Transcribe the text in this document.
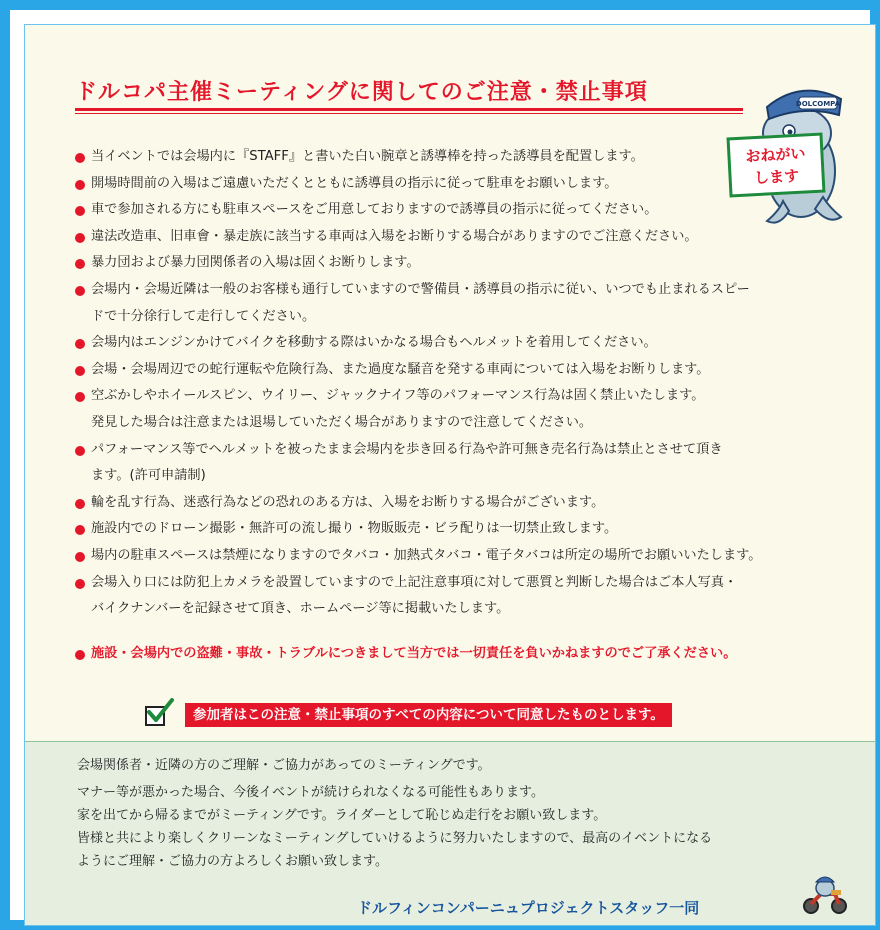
ドルコパ主催ミーティングに関してのご注意・禁止事項	DOLCOMPA
おねがい
します
当イベントでは会場内に『STAFF』と書いた白い腕章と誘導棒を持った誘導員を配置します。
開場時間前の入場はご遠慮いただくとともに誘導員の指示に従って駐車をお願いします。
車で参加される方にも駐車スペースをご用意しておりますので誘導員の指示に従ってください。
違法改造車、旧車會・暴走族に該当する車両は入場をお断りする場合がありますのでご注意ください。
暴力団および暴力団関係者の入場は固くお断りします。
会場内・会場近隣は一般のお客様も通行していますので警備員・誘導員の指示に従い、いつでも止まれるスピー
ドで十分徐行して走行してください。
会場内はエンジンかけてバイクを移動する際はいかなる場合もヘルメットを着用してください。
会場・会場周辺での蛇行運転や危険行為、また過度な騒音を発する車両については入場をお断りします。
空ぶかしやホイールスピン、ウイリー、ジャックナイフ等のパフォーマンス行為は固く禁止いたします。
発見した場合は注意または退場していただく場合がありますので注意してください。
パフォーマンス等でヘルメットを被ったまま会場内を歩き回る行為や許可無き売名行為は禁止とさせて頂き
ます。(許可申請制)
輪を乱す行為、迷惑行為などの恐れのある方は、入場をお断りする場合がございます。
施設内でのドローン撮影・無許可の流し撮り・物販販売・ビラ配りは一切禁止致します。
場内の駐車スペースは禁煙になりますのでタバコ・加熱式タバコ・電子タバコは所定の場所でお願いいたします。
会場入り口には防犯上カメラを設置していますので上記注意事項に対して悪質と判断した場合はご本人写真・
バイクナンバーを記録させて頂き、ホームページ等に掲載いたします。
施設・会場内での盗難・事故・トラブルにつきまして当方では一切責任を負いかねますのでご了承ください。
参加者はこの注意・禁止事項のすべての内容について同意したものとします。

会場関係者・近隣の方のご理解・ご協力があってのミーティングです。

マナー等が悪かった場合、今後イベントが続けられなくなる可能性もあります。

家を出てから帰るまでがミーティングです。ライダーとして恥じぬ走行をお願い致します。

皆様と共により楽しくクリーンなミーティングしていけるように努力いたしますので、最高のイベントになる

ようにご理解・ご協力の方よろしくお願い致します。

ドルフィンコンパーニュプロジェクトスタッフ一同
